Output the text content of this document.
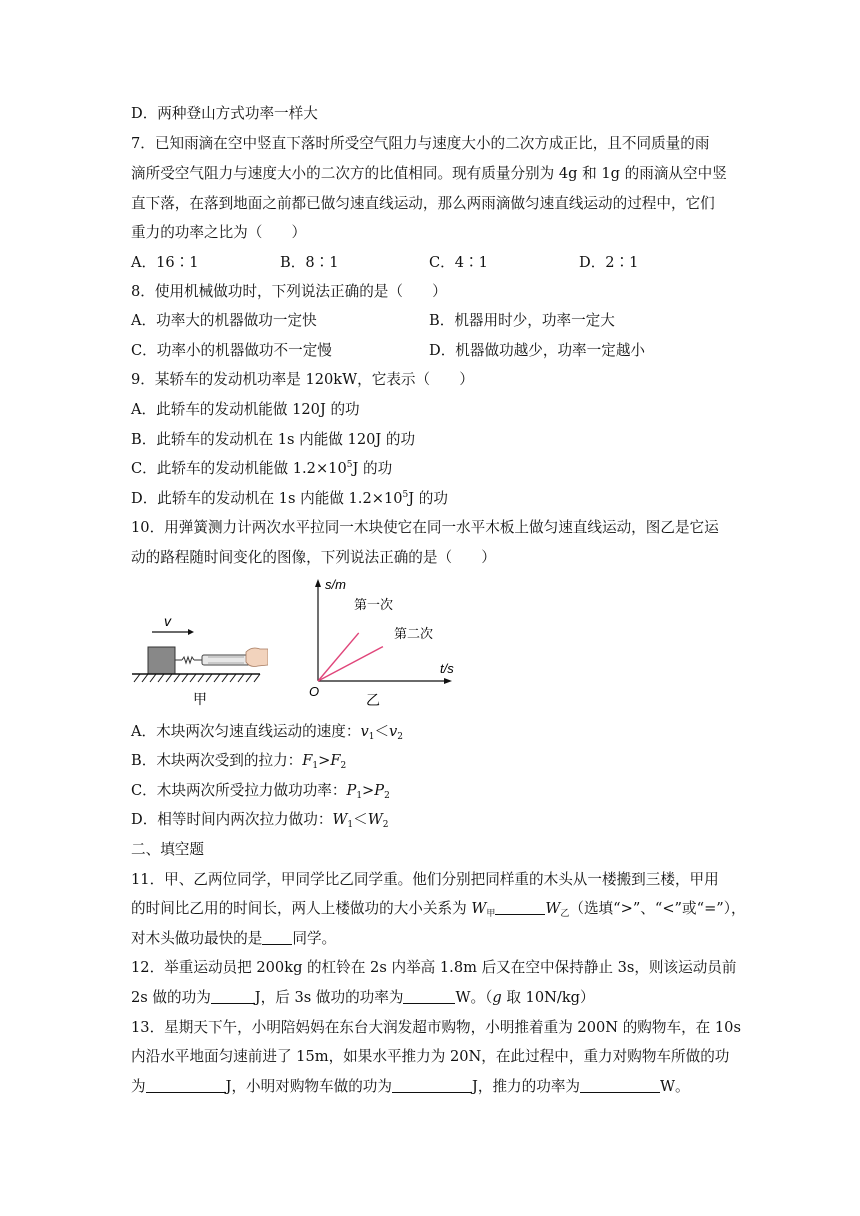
D．两种登山方式功率一样大
7．已知雨滴在空中竖直下落时所受空气阻力与速度大小的二次方成正比，且不同质量的雨
滴所受空气阻力与速度大小的二次方的比值相同。现有质量分别为 4g 和 1g 的雨滴从空中竖
直下落，在落到地面之前都已做匀速直线运动，那么两雨滴做匀速直线运动的过程中，它们
重力的功率之比为（　　）

A．16∶1

	B．8∶1

	C．4∶1

	D．2∶1

8．使用机械做功时，下列说法正确的是（　　）

A．功率大的机器做功一定快

	B．机器用时少，功率一定大

C．功率小的机器做功不一定慢

	D．机器做功越少，功率一定越小

9．某轿车的发动机功率是 120kW，它表示（　　）
A．此轿车的发动机能做 120J 的功
B．此轿车的发动机在 1s 内能做 120J 的功
C．此轿车的发动机能做 $1.2\times 10^5J$ 的功
D．此轿车的发动机在 1s 内能做 $1.2\times 10^5J$ 的功
10．用弹簧测力计两次水平拉同一木块使它在同一水平木板上做匀速直线运动，图乙是它运
动的路程随时间变化的图像，下列说法正确的是（　　）
v
甲
s/m
t/s
O
第一次
第二次
乙
A．木块两次匀速直线运动的速度：$v_1<v_2$
B．木块两次受到的拉力：$F_1>F_2$
C．木块两次所受拉力做功功率：$P_1>P_2$
D．相等时间内两次拉力做功：$W_1<W_2$
二、填空题
11．甲、乙两位同学，甲同学比乙同学重。他们分别把同样重的木头从一楼搬到三楼，甲用
的时间比乙用的时间长，两人上楼做功的大小关系为 $W_甲$	$W_乙$（选填“>”、“<”或“=”），
对木头做功最快的是 同学。
12．举重运动员把 200kg 的杠铃在 2s 内举高 1.8m 后又在空中保持静止 3s，则该运动员前
2s 做的功为	J，后 3s 做功的功率为	W。（g 取 10N/kg）
13．星期天下午，小明陪妈妈在东台大润发超市购物，小明推着重为 200N 的购物车，在 10s
内沿水平地面匀速前进了 15m，如果水平推力为 20N，在此过程中，重力对购物车所做的功
为	J，小明对购物车做的功为	J，推力的功率为	W。
